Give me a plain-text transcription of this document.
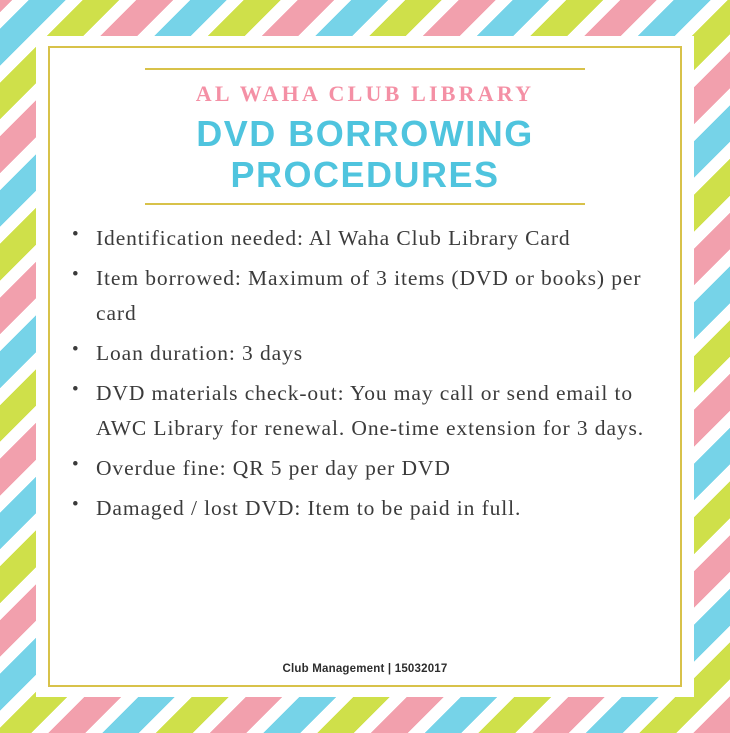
AL WAHA CLUB LIBRARY
DVD BORROWING
PROCEDURES
• Identification needed: Al Waha Club Library Card
• Item borrowed: Maximum of 3 items (DVD or books) per card
• Loan duration: 3 days
• DVD materials check-out: You may call or send email to AWC Library for renewal. One-time extension for 3 days.
• Overdue fine: QR 5 per day per DVD
• Damaged / lost DVD: Item to be paid in full.
Club Management | 15032017
